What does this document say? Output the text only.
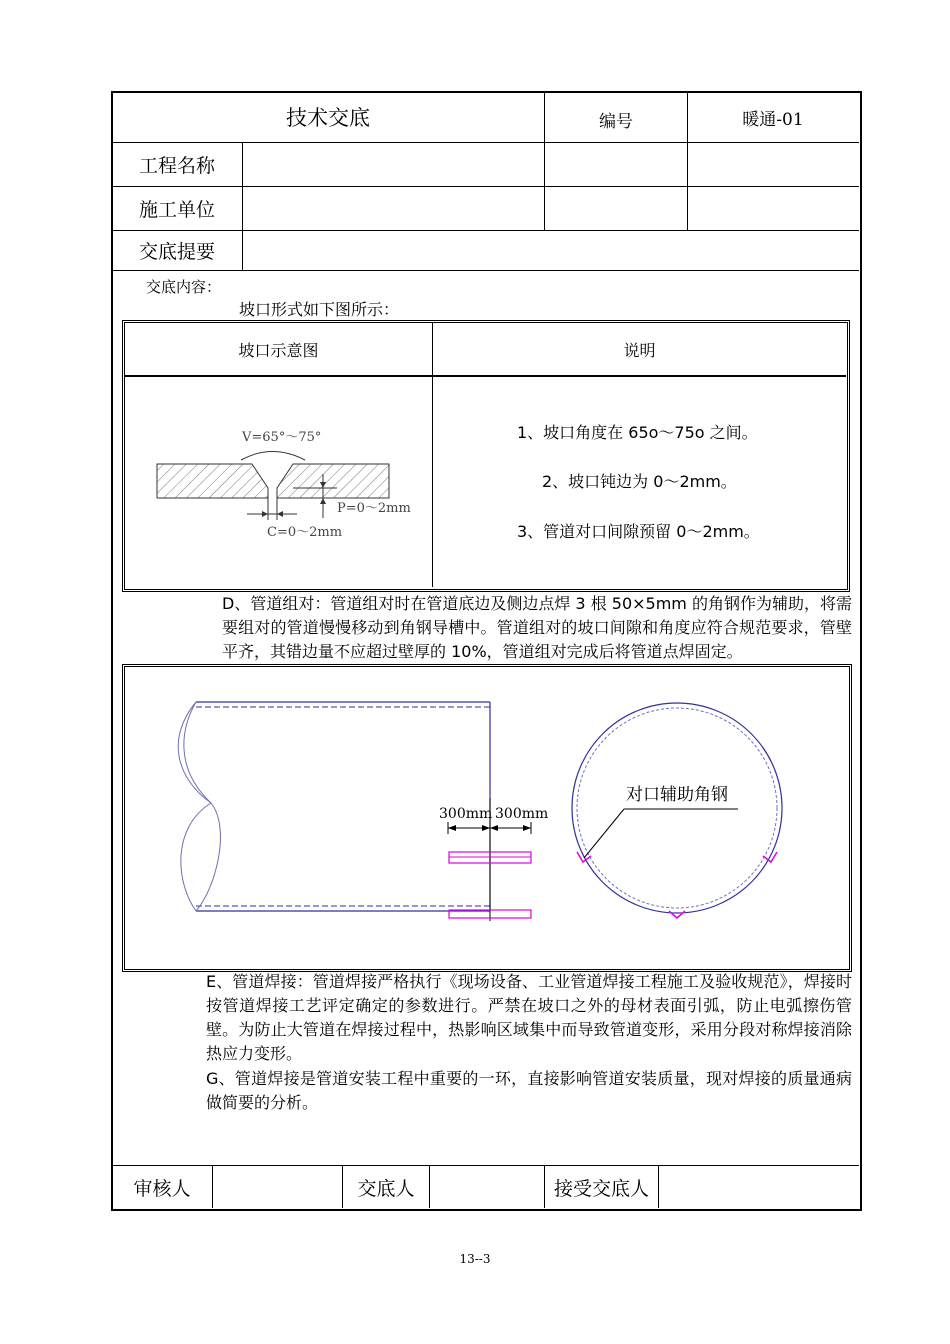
技术交底	编号	暖通-01
工程名称
施工单位
交底提要
交底内容：
坡口形式如下图所示：
坡口示意图	说明
V=65°～75°
P=0～2mm
C=0～2mm
1、坡口角度在 65o～75o 之间。
2、坡口钝边为 0～2mm。
3、管道对口间隙预留 0～2mm。
D、管道组对：管道组对时在管道底边及侧边点焊 3 根 50×5mm 的角钢作为辅助，将需要组对的管道慢慢移动到角钢导槽中。管道组对的坡口间隙和角度应符合规范要求，管壁平齐，其错边量不应超过壁厚的 10%，管道组对完成后将管道点焊固定。
300mm 300mm
对口辅助角钢
E、管道焊接：管道焊接严格执行《现场设备、工业管道焊接工程施工及验收规范》，焊接时按管道焊接工艺评定确定的参数进行。严禁在坡口之外的母材表面引弧，防止电弧擦伤管壁。为防止大管道在焊接过程中，热影响区域集中而导致管道变形，采用分段对称焊接消除热应力变形。
G、管道焊接是管道安装工程中重要的一环，直接影响管道安装质量，现对焊接的质量通病做简要的分析。
审核人	交底人	接受交底人
13--3
